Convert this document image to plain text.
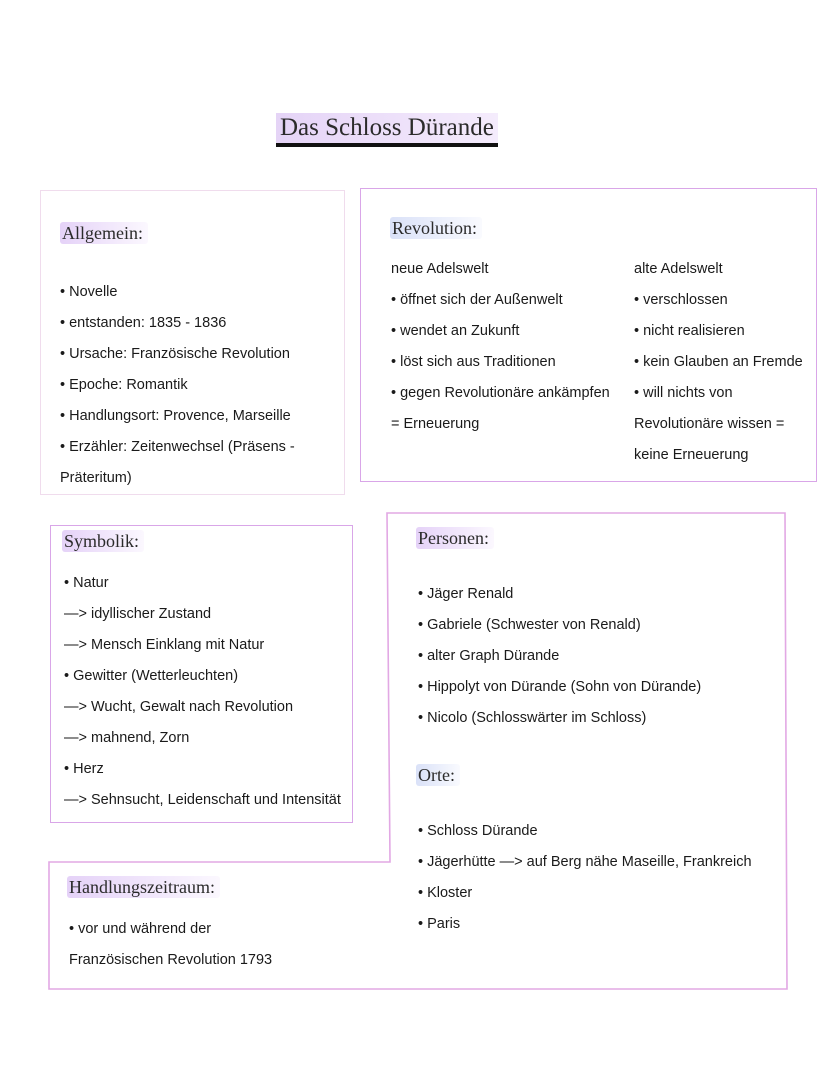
Das Schloss Dürande
Allgemein:
• Novelle
• entstanden: 1835 - 1836
• Ursache: Französische Revolution
• Epoche: Romantik
• Handlungsort: Provence, Marseille
• Erzähler: Zeitenwechsel (Präsens -
Präteritum)
Revolution:
neue Adelswelt
• öffnet sich der Außenwelt
• wendet an Zukunft
• löst sich aus Traditionen
• gegen Revolutionäre ankämpfen
= Erneuerung
alte Adelswelt
• verschlossen
• nicht realisieren
• kein Glauben an Fremde
• will nichts von
Revolutionäre wissen =
keine Erneuerung
Symbolik:
• Natur
—> idyllischer Zustand
—> Mensch Einklang mit Natur
• Gewitter (Wetterleuchten)
—> Wucht, Gewalt nach Revolution
—> mahnend, Zorn
• Herz
—> Sehnsucht, Leidenschaft und Intensität
Personen:
• Jäger Renald
• Gabriele (Schwester von Renald)
• alter Graph Dürande
• Hippolyt von Dürande (Sohn von Dürande)
• Nicolo (Schlosswärter im Schloss)
Orte:
• Schloss Dürande
• Jägerhütte —> auf Berg nähe Maseille, Frankreich
• Kloster
• Paris
Handlungszeitraum:
• vor und während der
Französischen Revolution 1793
